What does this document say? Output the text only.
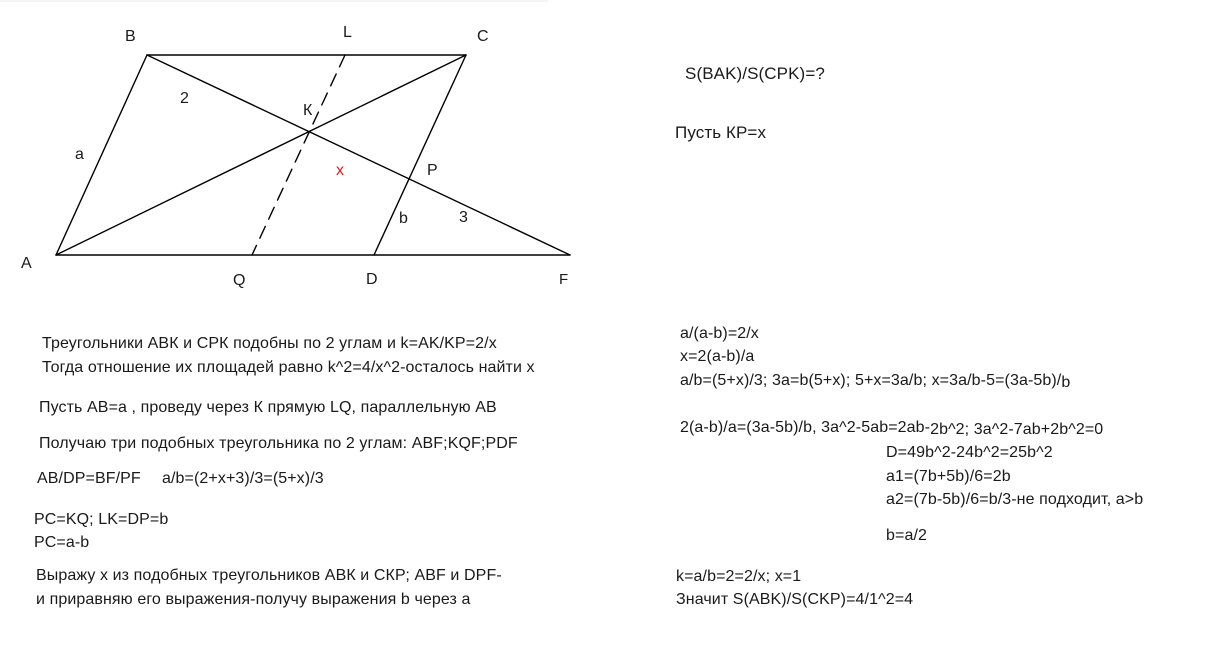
B	L	C
К
P
A
Q	D	F
a
b
2
3
x
S(BAK)/S(CPK)=?
Пусть КР=х
a/(a-b)=2/x
x=2(a-b)/a
a/b=(5+x)/3; 3a=b(5+x); 5+x=3a/b; x=3a/b-5=(3a-5b)/b
2(a-b)/a=(3a-5b)/b, 3a^2-5ab=2ab-2b^2; 3a^2-7ab+2b^2=0
D=49b^2-24b^2=25b^2
a1=(7b+5b)/6=2b
a2=(7b-5b)/6=b/3-не подходит, a>b
b=a/2
k=a/b=2=2/x; x=1
Значит S(ABK)/S(CKP)=4/1^2=4
Треугольники АВК и СРК подобны по 2 углам и k=AK/KP=2/x
Тогда отношение их площадей равно k^2=4/x^2-осталось найти х
Пусть АВ=а , проведу через К прямую LQ, параллельную АВ
Получаю три подобных треугольника по 2 углам: ABF;KQF;PDF
AB/DP=BF/PF a/b=(2+x+3)/3=(5+x)/3
PC=KQ; LK=DP=b
PC=a-b
Выражу х из подобных треугольников АВК и СКР; ABF и DPF-
и приравняю его выражения-получу выражения b через a
